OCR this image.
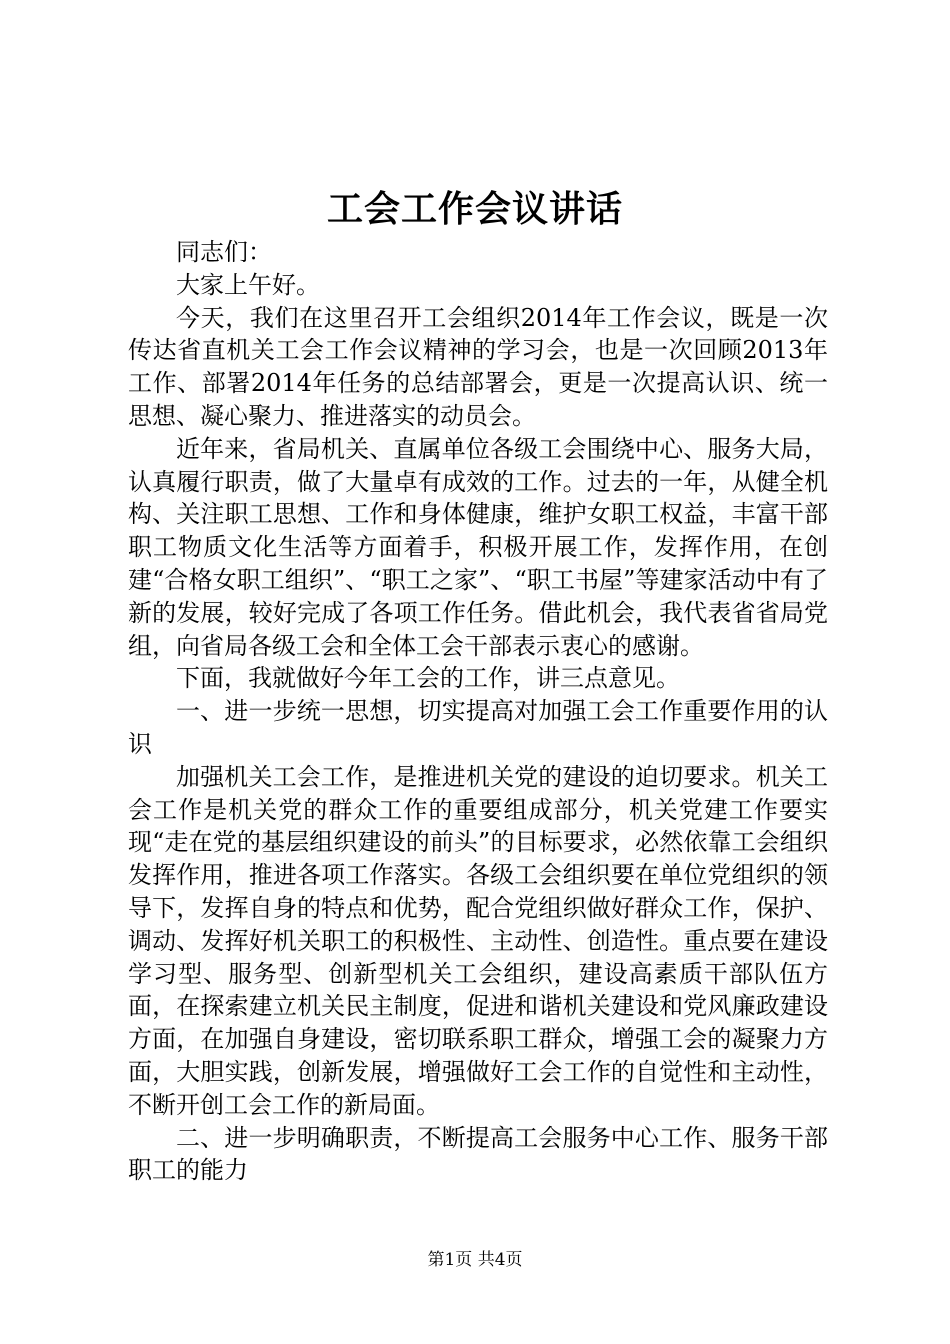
工会工作会议讲话

同志们：

大家上午好。

今天，我们在这里召开工会组织2014年工作会议，既是一次传达省直机关工会工作会议精神的学习会，也是一次回顾2013年工作、部署2014年任务的总结部署会，更是一次提高认识、统一思想、凝心聚力、推进落实的动员会。

近年来，省局机关、直属单位各级工会围绕中心、服务大局，认真履行职责，做了大量卓有成效的工作。过去的一年，从健全机构、关注职工思想、工作和身体健康，维护女职工权益，丰富干部职工物质文化生活等方面着手，积极开展工作，发挥作用，在创建“合格女职工组织”、“职工之家”、“职工书屋”等建家活动中有了新的发展，较好完成了各项工作任务。借此机会，我代表省省局党组，向省局各级工会和全体工会干部表示衷心的感谢。

下面，我就做好今年工会的工作，讲三点意见。

一、进一步统一思想，切实提高对加强工会工作重要作用的认识

加强机关工会工作，是推进机关党的建设的迫切要求。机关工会工作是机关党的群众工作的重要组成部分，机关党建工作要实现“走在党的基层组织建设的前头”的目标要求，必然依靠工会组织发挥作用，推进各项工作落实。各级工会组织要在单位党组织的领导下，发挥自身的特点和优势，配合党组织做好群众工作，保护、调动、发挥好机关职工的积极性、主动性、创造性。重点要在建设学习型、服务型、创新型机关工会组织，建设高素质干部队伍方面，在探索建立机关民主制度，促进和谐机关建设和党风廉政建设方面，在加强自身建设，密切联系职工群众，增强工会的凝聚力方面，大胆实践，创新发展，增强做好工会工作的自觉性和主动性，不断开创工会工作的新局面。

二、进一步明确职责，不断提高工会服务中心工作、服务干部职工的能力

第1页 共4页
